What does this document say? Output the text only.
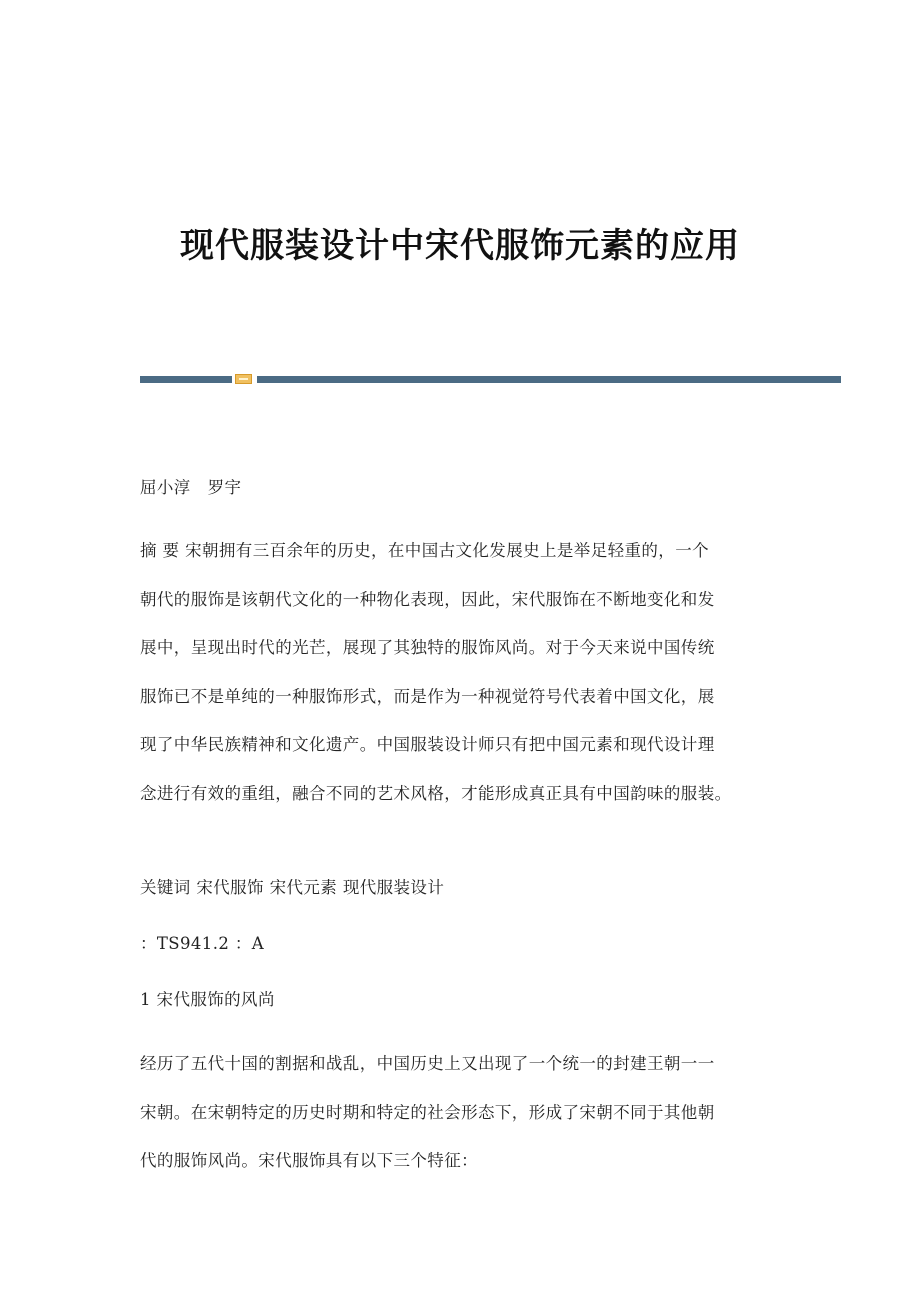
现代服装设计中宋代服饰元素的应用
屈小淳　罗宇
摘 要 宋朝拥有三百余年的历史，在中国古文化发展史上是举足轻重的，一个
朝代的服饰是该朝代文化的一种物化表现，因此，宋代服饰在不断地变化和发
展中，呈现出时代的光芒，展现了其独特的服饰风尚。对于今天来说中国传统
服饰已不是单纯的一种服饰形式，而是作为一种视觉符号代表着中国文化，展
现了中华民族精神和文化遗产。中国服装设计师只有把中国元素和现代设计理
念进行有效的重组，融合不同的艺术风格，才能形成真正具有中国韵味的服装。
关键词 宋代服饰 宋代元素 现代服装设计
：TS941.2 ：A
1 宋代服饰的风尚
经历了五代十国的割据和战乱，中国历史上又出现了一个统一的封建王朝一一
宋朝。在宋朝特定的历史时期和特定的社会形态下，形成了宋朝不同于其他朝
代的服饰风尚。宋代服饰具有以下三个特征：
